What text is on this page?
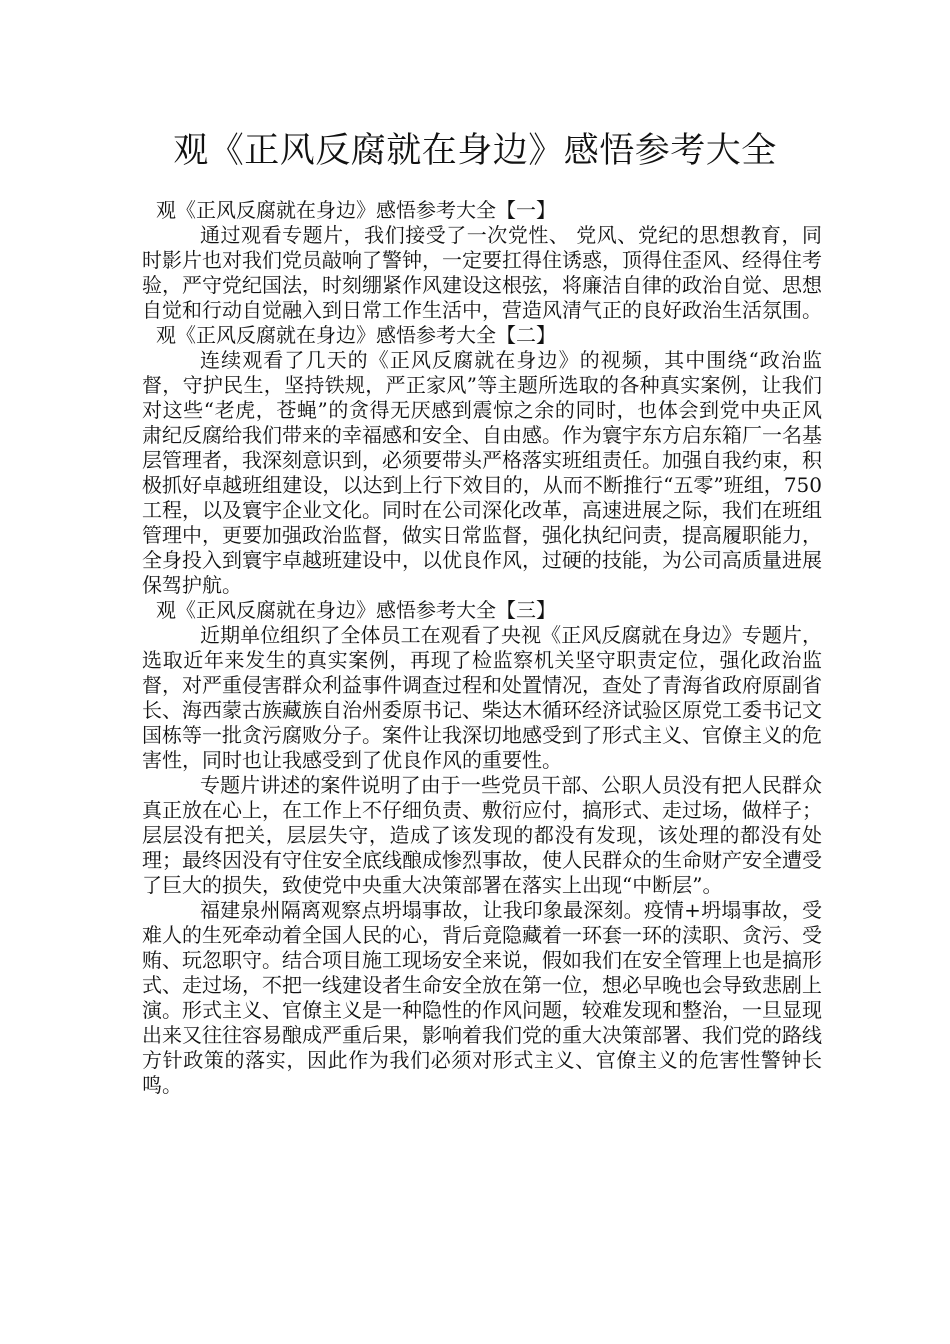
观《正风反腐就在身边》感悟参考大全
观《正风反腐就在身边》感悟参考大全【一】

通过观看专题片，我们接受了一次党性、 党风、党纪的思想教育，同时影片也对我们党员敲响了警钟，一定要扛得住诱惑，顶得住歪风、经得住考验，严守党纪国法，时刻绷紧作风建设这根弦，将廉洁自律的政治自觉、思想自觉和行动自觉融入到日常工作生活中，营造风清气正的良好政治生活氛围。

观《正风反腐就在身边》感悟参考大全【二】

连续观看了几天的《正风反腐就在身边》的视频，其中围绕“政治监督，守护民生，坚持铁规，严正家风”等主题所选取的各种真实案例，让我们对这些“老虎，苍蝇”的贪得无厌感到震惊之余的同时，也体会到党中央正风肃纪反腐给我们带来的幸福感和安全、自由感。作为寰宇东方启东箱厂一名基层管理者，我深刻意识到，必须要带头严格落实班组责任。加强自我约束，积极抓好卓越班组建设，以达到上行下效目的，从而不断推行“五零”班组，750工程，以及寰宇企业文化。同时在公司深化改革，高速进展之际，我们在班组管理中，更要加强政治监督，做实日常监督，强化执纪问责，提高履职能力，全身投入到寰宇卓越班建设中，以优良作风，过硬的技能，为公司高质量进展保驾护航。

观《正风反腐就在身边》感悟参考大全【三】

近期单位组织了全体员工在观看了央视《正风反腐就在身边》专题片，选取近年来发生的真实案例，再现了检监察机关坚守职责定位，强化政治监督，对严重侵害群众利益事件调查过程和处置情况，查处了青海省政府原副省长、海西蒙古族藏族自治州委原书记、柴达木循环经济试验区原党工委书记文国栋等一批贪污腐败分子。案件让我深切地感受到了形式主义、官僚主义的危害性，同时也让我感受到了优良作风的重要性。

专题片讲述的案件说明了由于一些党员干部、公职人员没有把人民群众真正放在心上，在工作上不仔细负责、敷衍应付，搞形式、走过场，做样子；层层没有把关，层层失守，造成了该发现的都没有发现，该处理的都没有处理；最终因没有守住安全底线酿成惨烈事故，使人民群众的生命财产安全遭受了巨大的损失，致使党中央重大决策部署在落实上出现“中断层”。

福建泉州隔离观察点坍塌事故，让我印象最深刻。疫情+坍塌事故，受难人的生死牵动着全国人民的心，背后竟隐藏着一环套一环的渎职、贪污、受贿、玩忽职守。结合项目施工现场安全来说，假如我们在安全管理上也是搞形式、走过场，不把一线建设者生命安全放在第一位，想必早晚也会导致悲剧上演。形式主义、官僚主义是一种隐性的作风问题，较难发现和整治，一旦显现出来又往往容易酿成严重后果，影响着我们党的重大决策部署、我们党的路线方针政策的落实，因此作为我们必须对形式主义、官僚主义的危害性警钟长鸣。
